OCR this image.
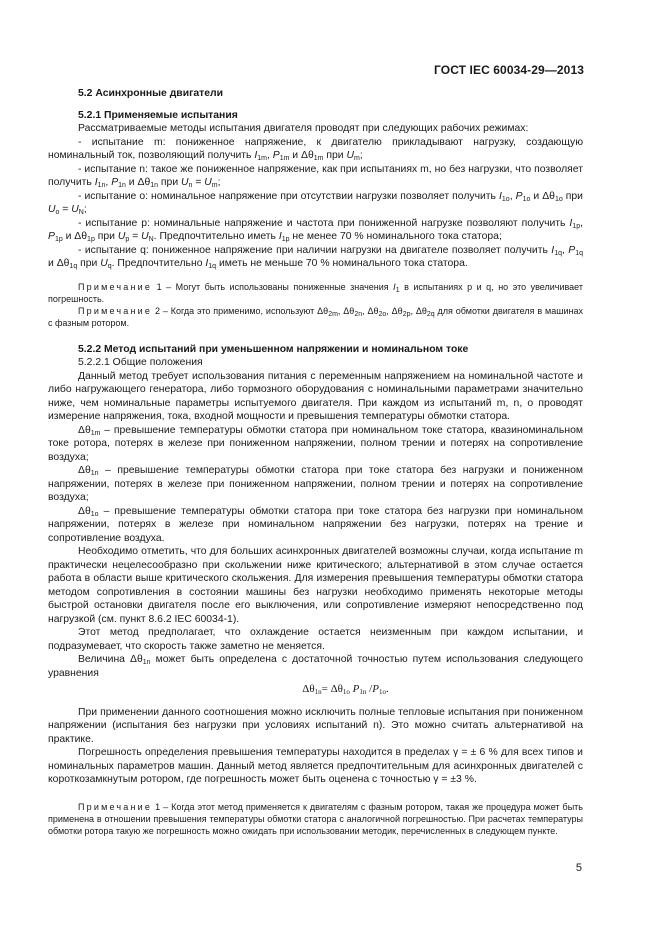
ГОСТ IEC 60034-29—2013
5.2 Асинхронные двигатели
5.2.1 Применяемые испытания

Рассматриваемые методы испытания двигателя проводят при следующих рабочих режимах:

- испытание m: пониженное напряжение, к двигателю прикладывают нагрузку, создающую номинальный ток, позволяющий получить $I_{1m}$, $P_{1m}$ и $\Delta\theta_{1m}$ при $U_m$;

- испытание n: такое же пониженное напряжение, как при испытаниях m, но без нагрузки, что позволяет получить $I_{1n}$, $P_{1n}$ и $\Delta\theta_{1n}$ при $U_n = U_m$;

- испытание o: номинальное напряжение при отсутствии нагрузки позволяет получить $I_{1o}$, $P_{1o}$ и $\Delta\theta_{1o}$ при $U_o = U_N$;

- испытание p: номинальные напряжение и частота при пониженной нагрузке позволяют получить $I_{1p}$, $P_{1p}$ и $\Delta\theta_{1p}$ при $U_p = U_N$. Предпочтительно иметь $I_{1p}$ не менее 70 % номинального тока статора;

- испытание q: пониженное напряжение при наличии нагрузки на двигателе позволяет получить $I_{1q}$, $P_{1q}$ и $\Delta\theta_{1q}$ при $U_q$. Предпочтительно $I_{1q}$ иметь не меньше 70 % номинального тока статора.

Примечание 1 – Могут быть использованы пониженные значения $I_1$ в испытаниях p и q, но это увеличивает погрешность.

Примечание 2 – Когда это применимо, используют $\Delta\theta_{2m}$, $\Delta\theta_{2n}$, $\Delta\theta_{2o}$, $\Delta\theta_{2p}$, $\Delta\theta_{2q}$ для обмотки двигателя в машинах с фазным ротором.

5.2.2 Метод испытаний при уменьшенном напряжении и номинальном токе

5.2.2.1 Общие положения

Данный метод требует использования питания с переменным напряжением на номинальной частоте и либо нагружающего генератора, либо тормозного оборудования с номинальными параметрами значительно ниже, чем номинальные параметры испытуемого двигателя. При каждом из испытаний m, n, o проводят измерение напряжения, тока, входной мощности и превышения температуры обмотки статора.

$\Delta\theta_{1m}$ – превышение температуры обмотки статора при номинальном токе статора, квазиноминальном токе ротора, потерях в железе при пониженном напряжении, полном трении и потерях на сопротивление воздуха;

$\Delta\theta_{1n}$ – превышение температуры обмотки статора при токе статора без нагрузки и пониженном напряжении, потерях в железе при пониженном напряжении, полном трении и потерях на сопротивление воздуха;

$\Delta\theta_{1o}$ – превышение температуры обмотки статора при токе статора без нагрузки при номинальном напряжении, потерях в железе при номинальном напряжении без нагрузки, потерях на трение и сопротивление воздуха.

Необходимо отметить, что для больших асинхронных двигателей возможны случаи, когда испытание m практически нецелесообразно при скольжении ниже критического; альтернативой в этом случае остается работа в области выше критического скольжения. Для измерения превышения температуры обмотки статора методом сопротивления в состоянии машины без нагрузки необходимо применять некоторые методы быстрой остановки двигателя после его выключения, или сопротивление измеряют непосредственно под нагрузкой (см. пункт 8.6.2 IEC 60034-1).

Этот метод предполагает, что охлаждение остается неизменным при каждом испытании, и подразумевает, что скорость также заметно не меняется.

Величина $\Delta\theta_{1n}$ может быть определена с достаточной точностью путем использования следующего уравнения

$\Delta\theta_{1n}= \Delta\theta_{1o}$ $P_{1n}$ $/P_{1o}$.

При применении данного соотношения можно исключить полные тепловые испытания при пониженном напряжении (испытания без нагрузки при условиях испытаний n). Это можно считать альтернативой на практике.

Погрешность определения превышения температуры находится в пределах γ = ± 6 % для всех типов и номинальных параметров машин. Данный метод является предпочтительным для асинхронных двигателей с короткозамкнутым ротором, где погрешность может быть оценена с точностью γ = ±3 %.

Примечание 1 – Когда этот метод применяется к двигателям с фазным ротором, такая же процедура может быть применена в отношении превышения температуры обмотки статора с аналогичной погрешностью. При расчетах температуры обмотки ротора такую же погрешность можно ожидать при использовании методик, перечисленных в следующем пункте.

5
